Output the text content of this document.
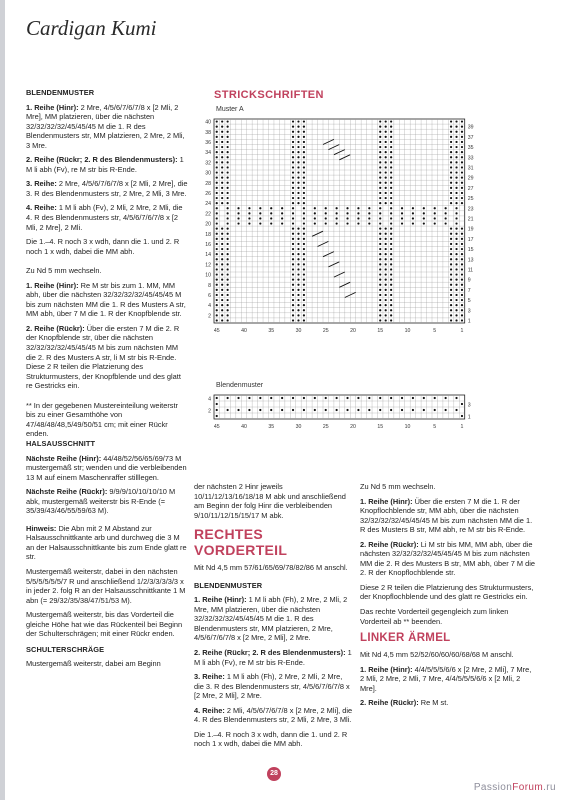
Cardigan Kumi

BLENDENMUSTER

1. Reihe (Hinr): 2 Mre, 4/5/6/7/6/7/8 x [2 Mli, 2 Mre], MM platzieren, über die nächsten 32/32/32/32/45/45/45 M die 1. R des Blendenmusters str, MM platzieren, 2 Mre, 2 Mli, 3 Mre.

2. Reihe (Rückr; 2. R des Blendenmusters): 1 M li abh (Fv), re M str bis R-Ende.

3. Reihe: 2 Mre, 4/5/6/7/6/7/8 x [2 Mli, 2 Mre], die 3. R des Blendenmusters str, 2 Mre, 2 Mli, 3 Mre.

4. Reihe: 1 M li abh (Fv), 2 Mli, 2 Mre, 2 Mli, die 4. R des Blendenmusters str, 4/5/6/7/6/7/8 x [2 Mli, 2 Mre], 2 Mli.

Die 1.–4. R noch 3 x wdh, dann die 1. und 2. R noch 1 x wdh, dabei die MM abh.

Zu Nd 5 mm wechseln.

1. Reihe (Hinr): Re M str bis zum 1. MM, MM abh, über die nächsten 32/32/32/32/45/45/45 M bis zum nächsten MM die 1. R des Musters A str, MM abh, über 7 M die 1. R der Knopfblende str.

2. Reihe (Rückr): Über die ersten 7 M die 2. R der Knopfblende str, über die nächsten 32/32/32/32/45/45/45 M bis zum nächsten MM die 2. R des Musters A str, li M str bis R-Ende. Diese 2 R teilen die Platzierung des Strukturmusters, der Knopfblende und des glatt re Gestricks ein.

** In der gegebenen Mustereinteilung weiterstr bis zu einer Gesamthöhe von 47/48/48/48,5/49/50/51 cm; mit einer Rückr enden.

STRICKSCHRIFTEN
Muster A
Blendenmuster
40
38
36
34
32
30
28
26
24
22
20
18
16
14
12
10
8
6
4
2
39
37
35
33
31
29
27
25
23
21
19
17
15
13
11
9
7
5
3
1
45	40	35	30	25	20	15	10	5	1
4
2
3
1
45	40	35	30	25	20	15	10	5	1

HALSAUSSCHNITT

Nächste Reihe (Hinr): 44/48/52/56/65/69/73 M mustergemäß str; wenden und die verbleibenden 13 M auf einem Maschenraffer stilllegen.

Nächste Reihe (Rückr): 9/9/9/10/10/10/10 M abk, mustergemäß weiterstr bis R-Ende (= 35/39/43/46/55/59/63 M).

Hinweis: Die Abn mit 2 M Abstand zur Halsausschnittkante arb und durchweg die 3 M an der Halsausschnittkante bis zum Ende glatt re str.

Mustergemäß weiterstr, dabei in den nächsten 5/5/5/5/5/5/7 R und anschließend 1/2/3/3/3/3/3 x in jeder 2. folg R an der Halsausschnittkante 1 M abn (= 29/32/35/38/47/51/53 M).

Mustergemäß weiterstr, bis das Vorderteil die gleiche Höhe hat wie das Rückenteil bei Beginn der Schulterschrägen; mit einer Rückr enden.

SCHULTERSCHRÄGE

Mustergemäß weiterstr, dabei am Beginn

der nächsten 2 Hinr jeweils 10/11/12/13/16/18/18 M abk und anschließend am Beginn der folg Hinr die verbleibenden 9/10/11/12/15/15/17 M abk.

RECHTES VORDERTEIL

Mit Nd 4,5 mm 57/61/65/69/78/82/86 M anschl.

BLENDENMUSTER

1. Reihe (Hinr): 1 M li abh (Fh), 2 Mre, 2 Mli, 2 Mre, MM platzieren, über die nächsten 32/32/32/32/45/45/45 M die 1. R des Blendenmusters str, MM platzieren, 2 Mre, 4/5/6/7/6/7/8 x [2 Mre, 2 Mli], 2 Mre.

2. Reihe (Rückr; 2. R des Blendenmusters): 1 M li abh (Fv), re M str bis R-Ende.

3. Reihe: 1 M li abh (Fh), 2 Mre, 2 Mli, 2 Mre, die 3. R des Blendenmusters str, 4/5/6/7/6/7/8 x [2 Mre, 2 Mli], 2 Mre.

4. Reihe: 2 Mli, 4/5/6/7/6/7/8 x [2 Mre, 2 Mli], die 4. R des Blendenmusters str, 2 Mli, 2 Mre, 3 Mli.

Die 1.–4. R noch 3 x wdh, dann die 1. und 2. R noch 1 x wdh, dabei die MM abh.

Zu Nd 5 mm wechseln.

1. Reihe (Hinr): Über die ersten 7 M die 1. R der Knopflochblende str, MM abh, über die nächsten 32/32/32/32/45/45/45 M bis zum nächsten MM die 1. R des Musters B str, MM abh, re M str bis R-Ende.

2. Reihe (Rückr): Li M str bis MM, MM abh, über die nächsten 32/32/32/32/45/45/45 M bis zum nächsten MM die 2. R des Musters B str, MM abh, über 7 M die 2. R der Knopflochblende str.

Diese 2 R teilen die Platzierung des Strukturmusters, der Knopflochblende und des glatt re Gestricks ein.

Das rechte Vorderteil gegengleich zum linken Vorderteil ab ** beenden.

LINKER ÄRMEL

Mit Nd 4,5 mm 52/52/60/60/60/68/68 M anschl.

1. Reihe (Hinr): 4/4/5/5/5/6/6 x [2 Mre, 2 Mli], 7 Mre, 2 Mli, 2 Mre, 2 Mli, 7 Mre, 4/4/5/5/5/6/6 x [2 Mli, 2 Mre].

2. Reihe (Rückr): Re M st.

28
PassionForum.ru
